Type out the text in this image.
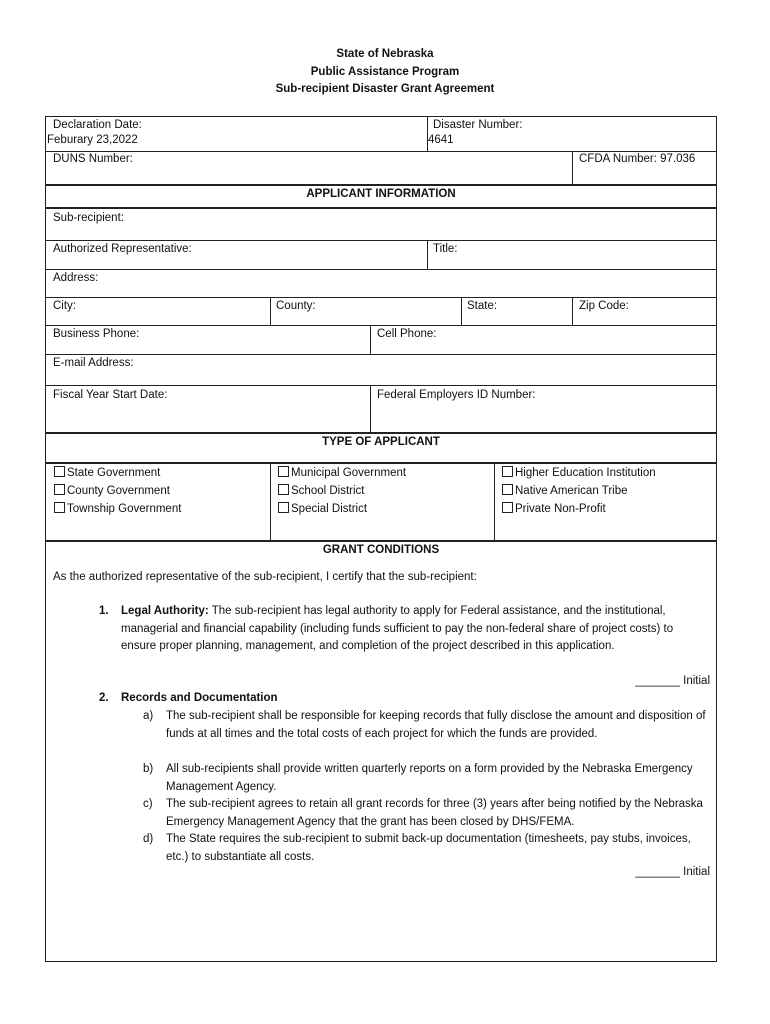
State of Nebraska
Public Assistance Program
Sub-recipient Disaster Grant Agreement
Declaration Date:
Feburary 23,2022
Disaster Number:
4641
DUNS Number:	CFDA Number: 97.036
APPLICANT INFORMATION
Sub-recipient:
Authorized Representative:	Title:
Address:
City:	County:	State:	Zip Code:
Business Phone:	Cell Phone:
E-mail Address:
Fiscal Year Start Date:	Federal Employers ID Number:
TYPE OF APPLICANT
State Government
County Government
Township Government
Municipal Government
School District
Special District
Higher Education Institution
Native American Tribe
Private Non-Profit
GRANT CONDITIONS
As the authorized representative of the sub-recipient, I certify that the sub-recipient:
1. Legal Authority: The sub-recipient has legal authority to apply for Federal assistance, and the institutional, managerial and financial capability (including funds sufficient to pay the non-federal share of project costs) to ensure proper planning, management, and completion of the project described in this application.
_______ Initial
2. Records and Documentation
a) The sub-recipient shall be responsible for keeping records that fully disclose the amount and disposition of funds at all times and the total costs of each project for which the funds are provided.
b) All sub-recipients shall provide written quarterly reports on a form provided by the Nebraska Emergency Management Agency.
c) The sub-recipient agrees to retain all grant records for three (3) years after being notified by the Nebraska Emergency Management Agency that the grant has been closed by DHS/FEMA.
d) The State requires the sub-recipient to submit back-up documentation (timesheets, pay stubs, invoices, etc.) to substantiate all costs.
_______ Initial
